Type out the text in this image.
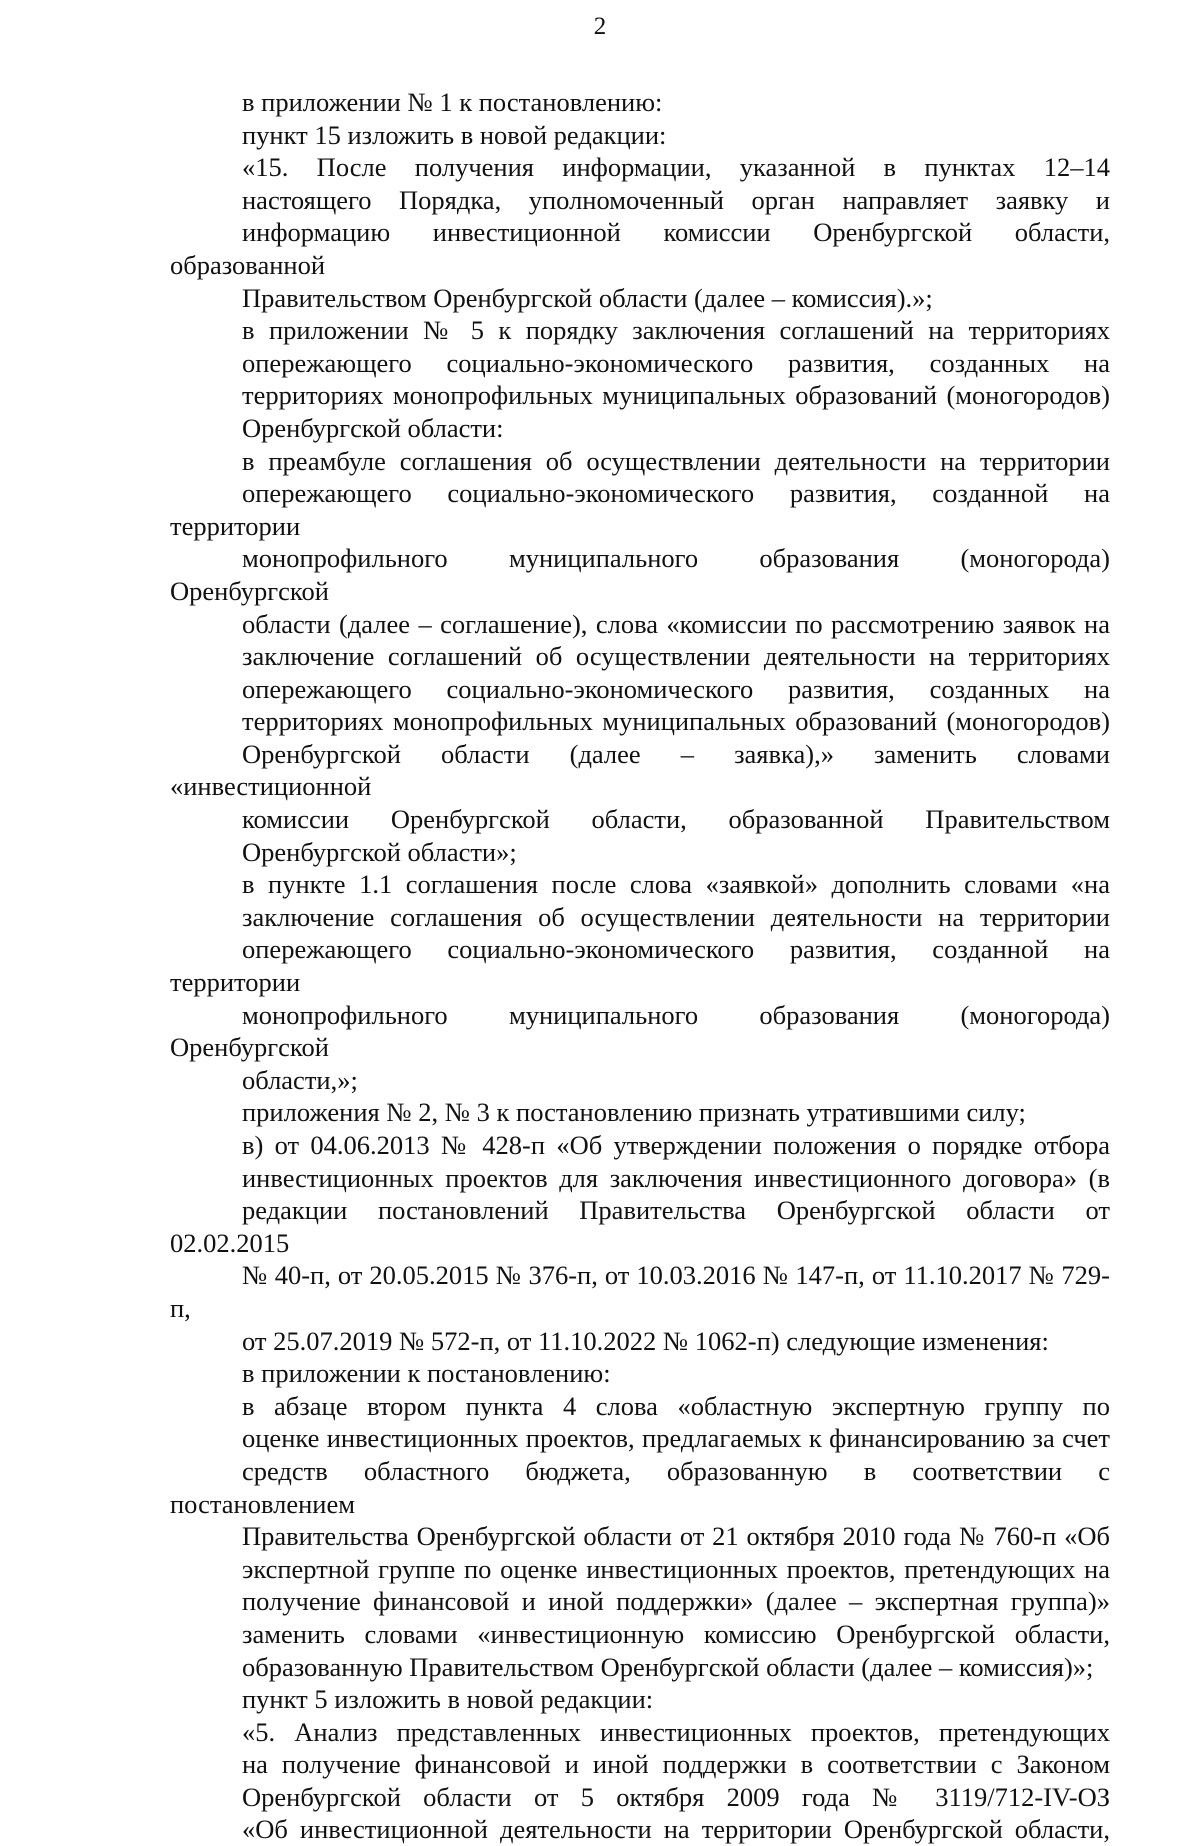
2

в приложении № 1 к постановлению:

пункт 15 изложить в новой редакции:

«15. После получения информации, указанной в пунктах 12–14
настоящего Порядка, уполномоченный орган направляет заявку и
информацию инвестиционной комиссии Оренбургской области, образованной
Правительством Оренбургской области (далее – комиссия).»;

в приложении № 5 к порядку заключения соглашений на территориях
опережающего социально-экономического развития, созданных на
территориях монопрофильных муниципальных образований (моногородов)
Оренбургской области:

в преамбуле соглашения об осуществлении деятельности на территории
опережающего социально-экономического развития, созданной на территории
монопрофильного муниципального образования (моногорода) Оренбургской
области (далее – соглашение), слова «комиссии по рассмотрению заявок на
заключение соглашений об осуществлении деятельности на территориях
опережающего социально-экономического развития, созданных на
территориях монопрофильных муниципальных образований (моногородов)
Оренбургской области (далее – заявка),» заменить словами «инвестиционной
комиссии Оренбургской области, образованной Правительством
Оренбургской области»;

в пункте 1.1 соглашения после слова «заявкой» дополнить словами «на
заключение соглашения об осуществлении деятельности на территории
опережающего социально-экономического развития, созданной на территории
монопрофильного муниципального образования (моногорода) Оренбургской
области,»;

приложения № 2, № 3 к постановлению признать утратившими силу;

в) от 04.06.2013 № 428-п «Об утверждении положения о порядке отбора
инвестиционных проектов для заключения инвестиционного договора» (в
редакции постановлений Правительства Оренбургской области от 02.02.2015
№ 40-п, от 20.05.2015 № 376-п, от 10.03.2016 № 147-п, от 11.10.2017 № 729-п,
от 25.07.2019 № 572-п, от 11.10.2022 № 1062-п) следующие изменения:

в приложении к постановлению:

в абзаце втором пункта 4 слова «областную экспертную группу по
оценке инвестиционных проектов, предлагаемых к финансированию за счет
средств областного бюджета, образованную в соответствии с постановлением
Правительства Оренбургской области от 21 октября 2010 года № 760-п «Об
экспертной группе по оценке инвестиционных проектов, претендующих на
получение финансовой и иной поддержки» (далее – экспертная группа)»
заменить словами «инвестиционную комиссию Оренбургской области,
образованную Правительством Оренбургской области (далее – комиссия)»;

пункт 5 изложить в новой редакции:

«5. Анализ представленных инвестиционных проектов, претендующих
на получение финансовой и иной поддержки в соответствии с Законом
Оренбургской области от 5 октября 2009 года № 3119/712-IV-ОЗ
«Об инвестиционной деятельности на территории Оренбургской области,
